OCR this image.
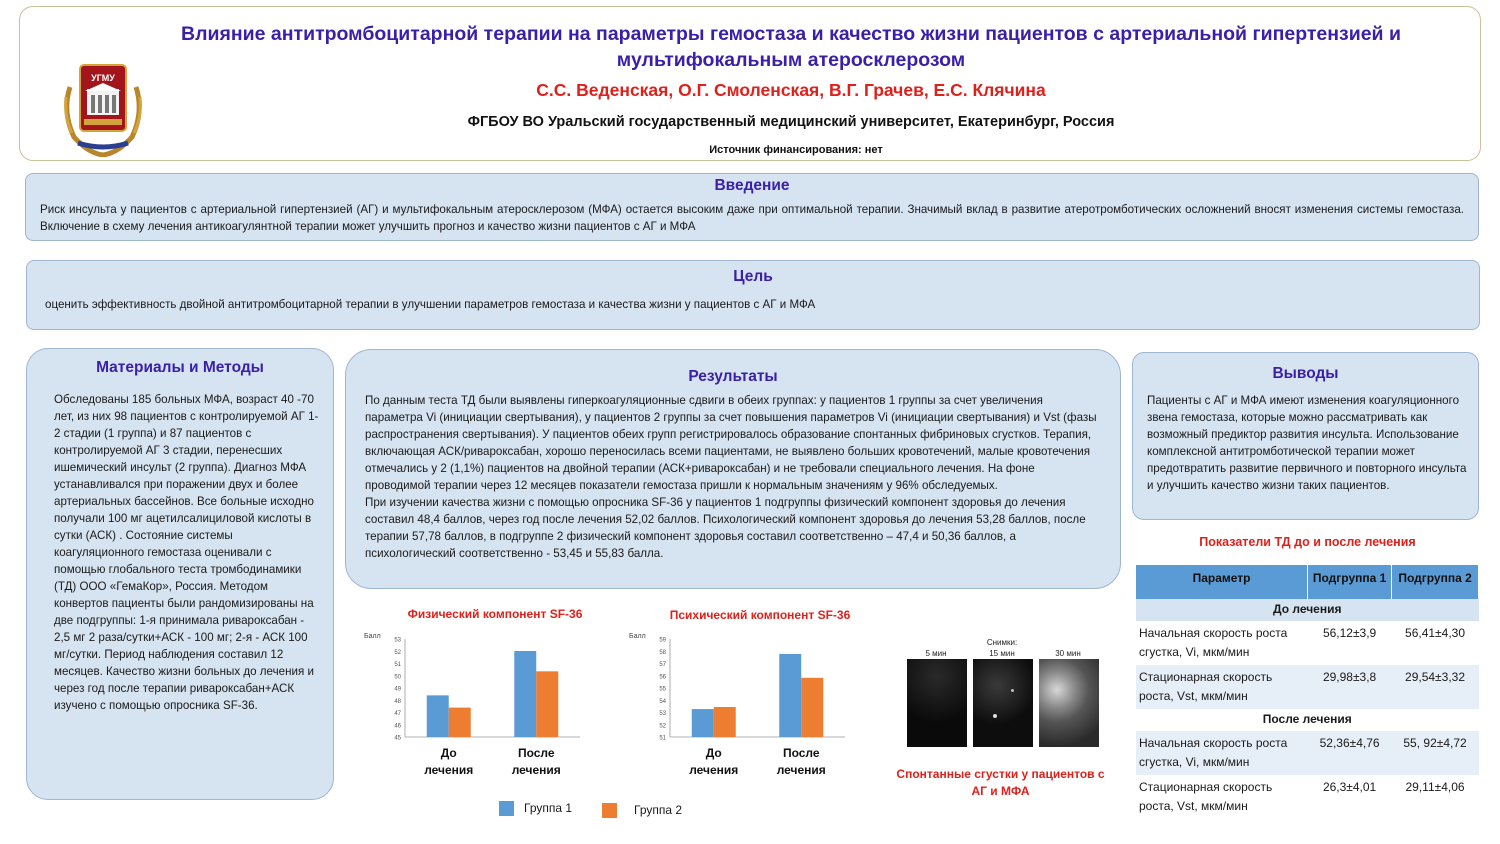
УГМУ
Влияние антитромбоцитарной терапии на параметры гемостаза и качество жизни пациентов с артериальной гипертензией и
мультифокальным атеросклерозом
С.С. Веденская, О.Г. Смоленская, В.Г. Грачев, Е.С. Клячина
ФГБОУ ВО Уральский государственный медицинский университет, Екатеринбург, Россия
Источник финансирования: нет
Введение
Риск инсульта у пациентов с артериальной гипертензией (АГ) и мультифокальным атеросклерозом (МФА) остается высоким даже при оптимальной терапии. Значимый вклад в развитие атеротромботических осложнений вносят изменения системы гемостаза. Включение в схему лечения антикоагулянтной терапии может улучшить прогноз и качество жизни пациентов с АГ и МФА
Цель
оценить эффективность двойной антитромбоцитарной терапии в улучшении параметров гемостаза и качества жизни у пациентов с АГ и МФА
Материалы и Методы
Обследованы 185 больных МФА, возраст 40 -70 лет, из них 98 пациентов с контролируемой АГ 1-2 стадии (1 группа) и 87 пациентов с контролируемой АГ 3 стадии, перенесших ишемический инсульт (2 группа). Диагноз МФА устанавливался при поражении двух и более артериальных бассейнов. Все больные исходно получали 100 мг ацетилсалициловой кислоты в сутки (АСК) . Состояние системы коагуляционного гемостаза оценивали с помощью глобального теста тромбодинамики (ТД) ООО «ГемаКор», Россия. Методом конвертов пациенты были рандомизированы на две подгруппы: 1-я принимала ривароксабан - 2,5 мг 2 раза/сутки+АСК - 100 мг; 2-я - АСК 100 мг/сутки. Период наблюдения составил 12 месяцев. Качество жизни больных до лечения и через год после терапии ривароксабан+АСК изучено с помощью опросника SF-36.
Результаты
По данным теста ТД были выявлены гиперкоагуляционные сдвиги в обеих группах: у пациентов 1 группы за счет увеличения параметра Vi (инициации свертывания), у пациентов 2 группы за счет повышения параметров Vi (инициации свертывания) и Vst (фазы распространения свертывания). У пациентов обеих групп регистрировалось образование спонтанных фибриновых сгустков. Терапия, включающая АСК/ривароксабан, хорошо переносилась всеми пациентами, не выявлено больших кровотечений, малые кровотечения отмечались у 2 (1,1%) пациентов на двойной терапии (АСК+ривароксабан) и не требовали специального лечения. На фоне проводимой терапии через 12 месяцев показатели гемостаза пришли к нормальным значениям у 96% обследуемых.
При изучении качества жизни с помощью опросника SF-36 у пациентов 1 подгруппы физический компонент здоровья до лечения составил 48,4 баллов, через год после лечения 52,02 баллов. Психологический компонент здоровья до лечения 53,28 баллов, после терапии 57,78 баллов, в подгруппе 2 физический компонент здоровья составил соответственно – 47,4 и 50,36 баллов, а психологический соответственно - 53,45 и 55,83 балла.
Выводы
Пациенты с АГ и МФА имеют изменения коагуляционного звена гемостаза, которые можно рассматривать как возможный предиктор развития инсульта. Использование комплексной антитромботической терапии может предотвратить развитие первичного и повторного инсульта и улучшить качество жизни таких пациентов.
Физический компонент SF-36
Балл
45
46
47
48
49
50
51
52
53
До
лечения
После
лечения
Психический компонент SF-36
Балл
51
52
53
54
55
56
57
58
59
До
лечения
После
лечения
Группа 1	Группа 2
Снимки:
5 мин	15 мин	30 мин
Спонтанные сгустки у пациентов с АГ и МФА
Показатели ТД до и после лечения
Параметр	Подгруппа 1	Подгруппа 2
До лечения		
Начальная скорость роста сгустка, Vi, мкм/мин	56,12±3,9	56,41±4,30
Стационарная скорость роста, Vst, мкм/мин	29,98±3,8	29,54±3,32
После лечения		
Начальная скорость роста сгустка, Vi, мкм/мин	52,36±4,76	55, 92±4,72
Стационарная скорость роста, Vst, мкм/мин	26,3±4,01	29,11±4,06
